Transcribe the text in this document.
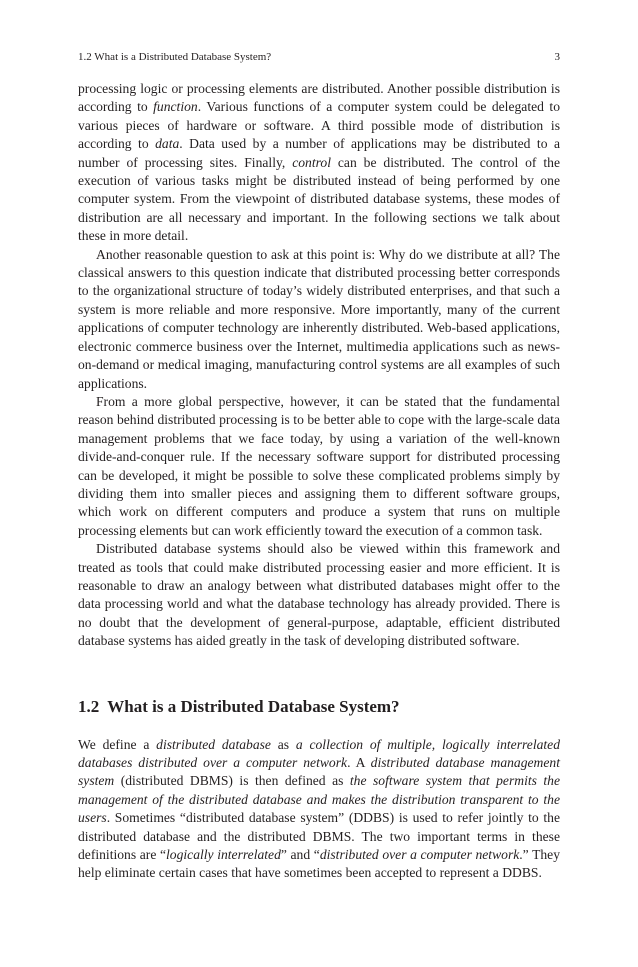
1.2 What is a Distributed Database System?	3

processing logic or processing elements are distributed. Another possible distribution is according to function. Various functions of a computer system could be delegated to various pieces of hardware or software. A third possible mode of distribution is according to data. Data used by a number of applications may be distributed to a number of processing sites. Finally, control can be distributed. The control of the execution of various tasks might be distributed instead of being performed by one computer system. From the viewpoint of distributed database systems, these modes of distribution are all necessary and important. In the following sections we talk about these in more detail.

Another reasonable question to ask at this point is: Why do we distribute at all? The classical answers to this question indicate that distributed processing better corresponds to the organizational structure of today’s widely distributed enterprises, and that such a system is more reliable and more responsive. More importantly, many of the current applications of computer technology are inherently distributed. Web-based applications, electronic commerce business over the Internet, multimedia applications such as news-on-demand or medical imaging, manufacturing control systems are all examples of such applications.

From a more global perspective, however, it can be stated that the fundamental reason behind distributed processing is to be better able to cope with the large-scale data management problems that we face today, by using a variation of the well-known divide-and-conquer rule. If the necessary software support for distributed processing can be developed, it might be possible to solve these complicated problems simply by dividing them into smaller pieces and assigning them to different software groups, which work on different computers and produce a system that runs on multiple processing elements but can work efficiently toward the execution of a common task.

Distributed database systems should also be viewed within this framework and treated as tools that could make distributed processing easier and more efficient. It is reasonable to draw an analogy between what distributed databases might offer to the data processing world and what the database technology has already provided. There is no doubt that the development of general-purpose, adaptable, efficient distributed database systems has aided greatly in the task of developing distributed software.

1.2 What is a Distributed Database System?

We define a distributed database as a collection of multiple, logically interrelated databases distributed over a computer network. A distributed database management system (distributed DBMS) is then defined as the software system that permits the management of the distributed database and makes the distribution transparent to the users. Sometimes “distributed database system” (DDBS) is used to refer jointly to the distributed database and the distributed DBMS. The two important terms in these definitions are “logically interrelated” and “distributed over a computer network.” They help eliminate certain cases that have sometimes been accepted to represent a DDBS.
